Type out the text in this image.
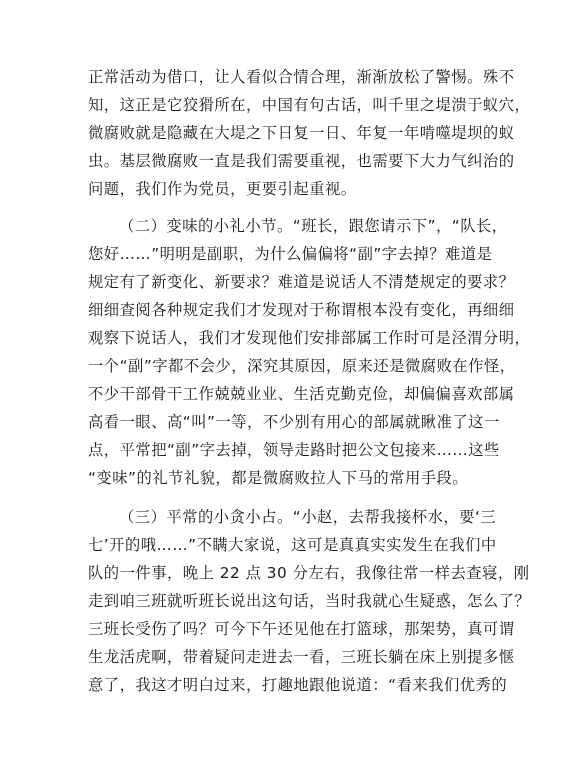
正常活动为借口，让人看似合情合理，渐渐放松了警惕。殊不
知，这正是它狡猾所在，中国有句古话，叫千里之堤溃于蚁穴，
微腐败就是隐藏在大堤之下日复一日、年复一年啃噬堤坝的蚁
虫。基层微腐败一直是我们需要重视，也需要下大力气纠治的
问题，我们作为党员，更要引起重视。

（二）变味的小礼小节。“班长，跟您请示下”，“队长，
您好……”明明是副职，为什么偏偏将“副”字去掉？难道是
规定有了新变化、新要求？难道是说话人不清楚规定的要求？
细细查阅各种规定我们才发现对于称谓根本没有变化，再细细
观察下说话人，我们才发现他们安排部属工作时可是泾渭分明，
一个“副”字都不会少，深究其原因，原来还是微腐败在作怪，
不少干部骨干工作兢兢业业、生活克勤克俭，却偏偏喜欢部属
高看一眼、高“叫”一等，不少别有用心的部属就瞅准了这一
点，平常把“副”字去掉，领导走路时把公文包接来……这些
“变味”的礼节礼貌，都是微腐败拉人下马的常用手段。

（三）平常的小贪小占。“小赵，去帮我接杯水，要‘三
七’开的哦……”不瞒大家说，这可是真真实实发生在我们中
队的一件事，晚上 22 点 30 分左右，我像往常一样去查寝，刚
走到咱三班就听班长说出这句话，当时我就心生疑惑，怎么了？
三班长受伤了吗？可今下午还见他在打篮球，那架势，真可谓
生龙活虎啊，带着疑问走进去一看，三班长躺在床上别提多惬
意了，我这才明白过来，打趣地跟他说道：“看来我们优秀的
